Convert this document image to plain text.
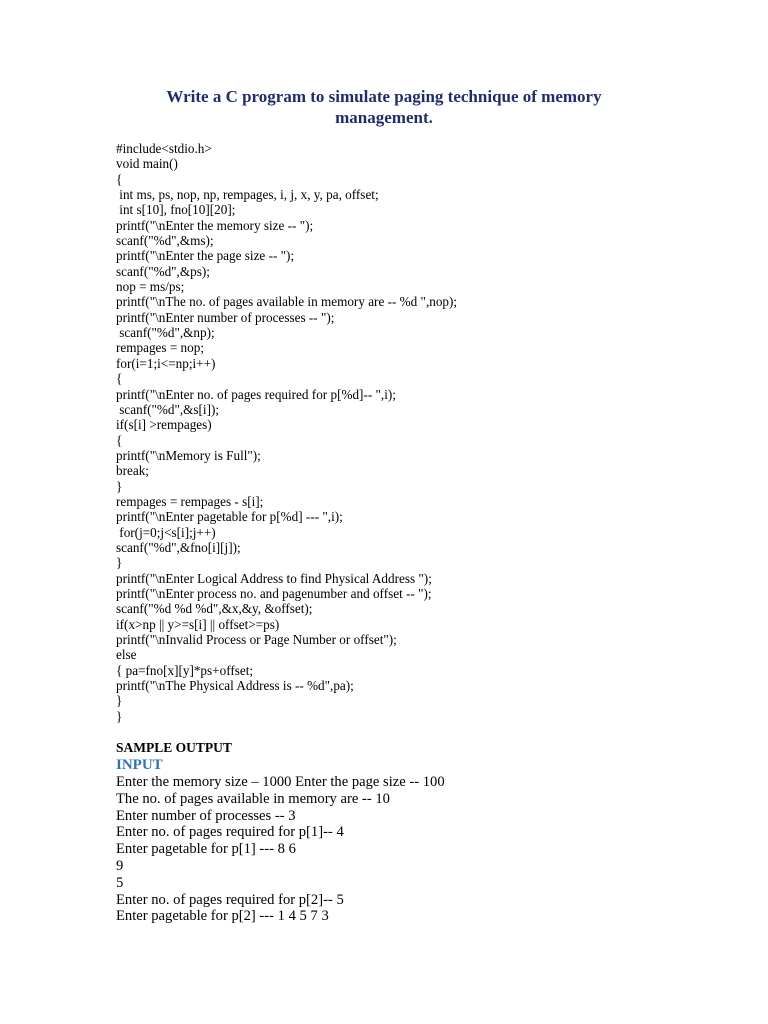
Write a C program to simulate paging technique of memory
management.
#include<stdio.h>
void main()
{
int ms, ps, nop, np, rempages, i, j, x, y, pa, offset;
int s[10], fno[10][20];
printf("\nEnter the memory size -- ");
scanf("%d",&ms);
printf("\nEnter the page size -- ");
scanf("%d",&ps);
nop = ms/ps;
printf("\nThe no. of pages available in memory are -- %d ",nop);
printf("\nEnter number of processes -- ");
scanf("%d",&np);
rempages = nop;
for(i=1;i<=np;i++)
{
printf("\nEnter no. of pages required for p[%d]-- ",i);
scanf("%d",&s[i]);
if(s[i] >rempages)
{
printf("\nMemory is Full");
break;
}
rempages = rempages - s[i];
printf("\nEnter pagetable for p[%d] --- ",i);
for(j=0;j<s[i];j++)
scanf("%d",&fno[i][j]);
}
printf("\nEnter Logical Address to find Physical Address ");
printf("\nEnter process no. and pagenumber and offset -- ");
scanf("%d %d %d",&x,&y, &offset);
if(x>np || y>=s[i] || offset>=ps)
printf("\nInvalid Process or Page Number or offset");
else
{ pa=fno[x][y]*ps+offset;
printf("\nThe Physical Address is -- %d",pa);
}
}
SAMPLE OUTPUT
INPUT
Enter the memory size – 1000 Enter the page size -- 100
The no. of pages available in memory are -- 10
Enter number of processes -- 3
Enter no. of pages required for p[1]-- 4
Enter pagetable for p[1] --- 8 6
9
5
Enter no. of pages required for p[2]-- 5
Enter pagetable for p[2] --- 1 4 5 7 3
